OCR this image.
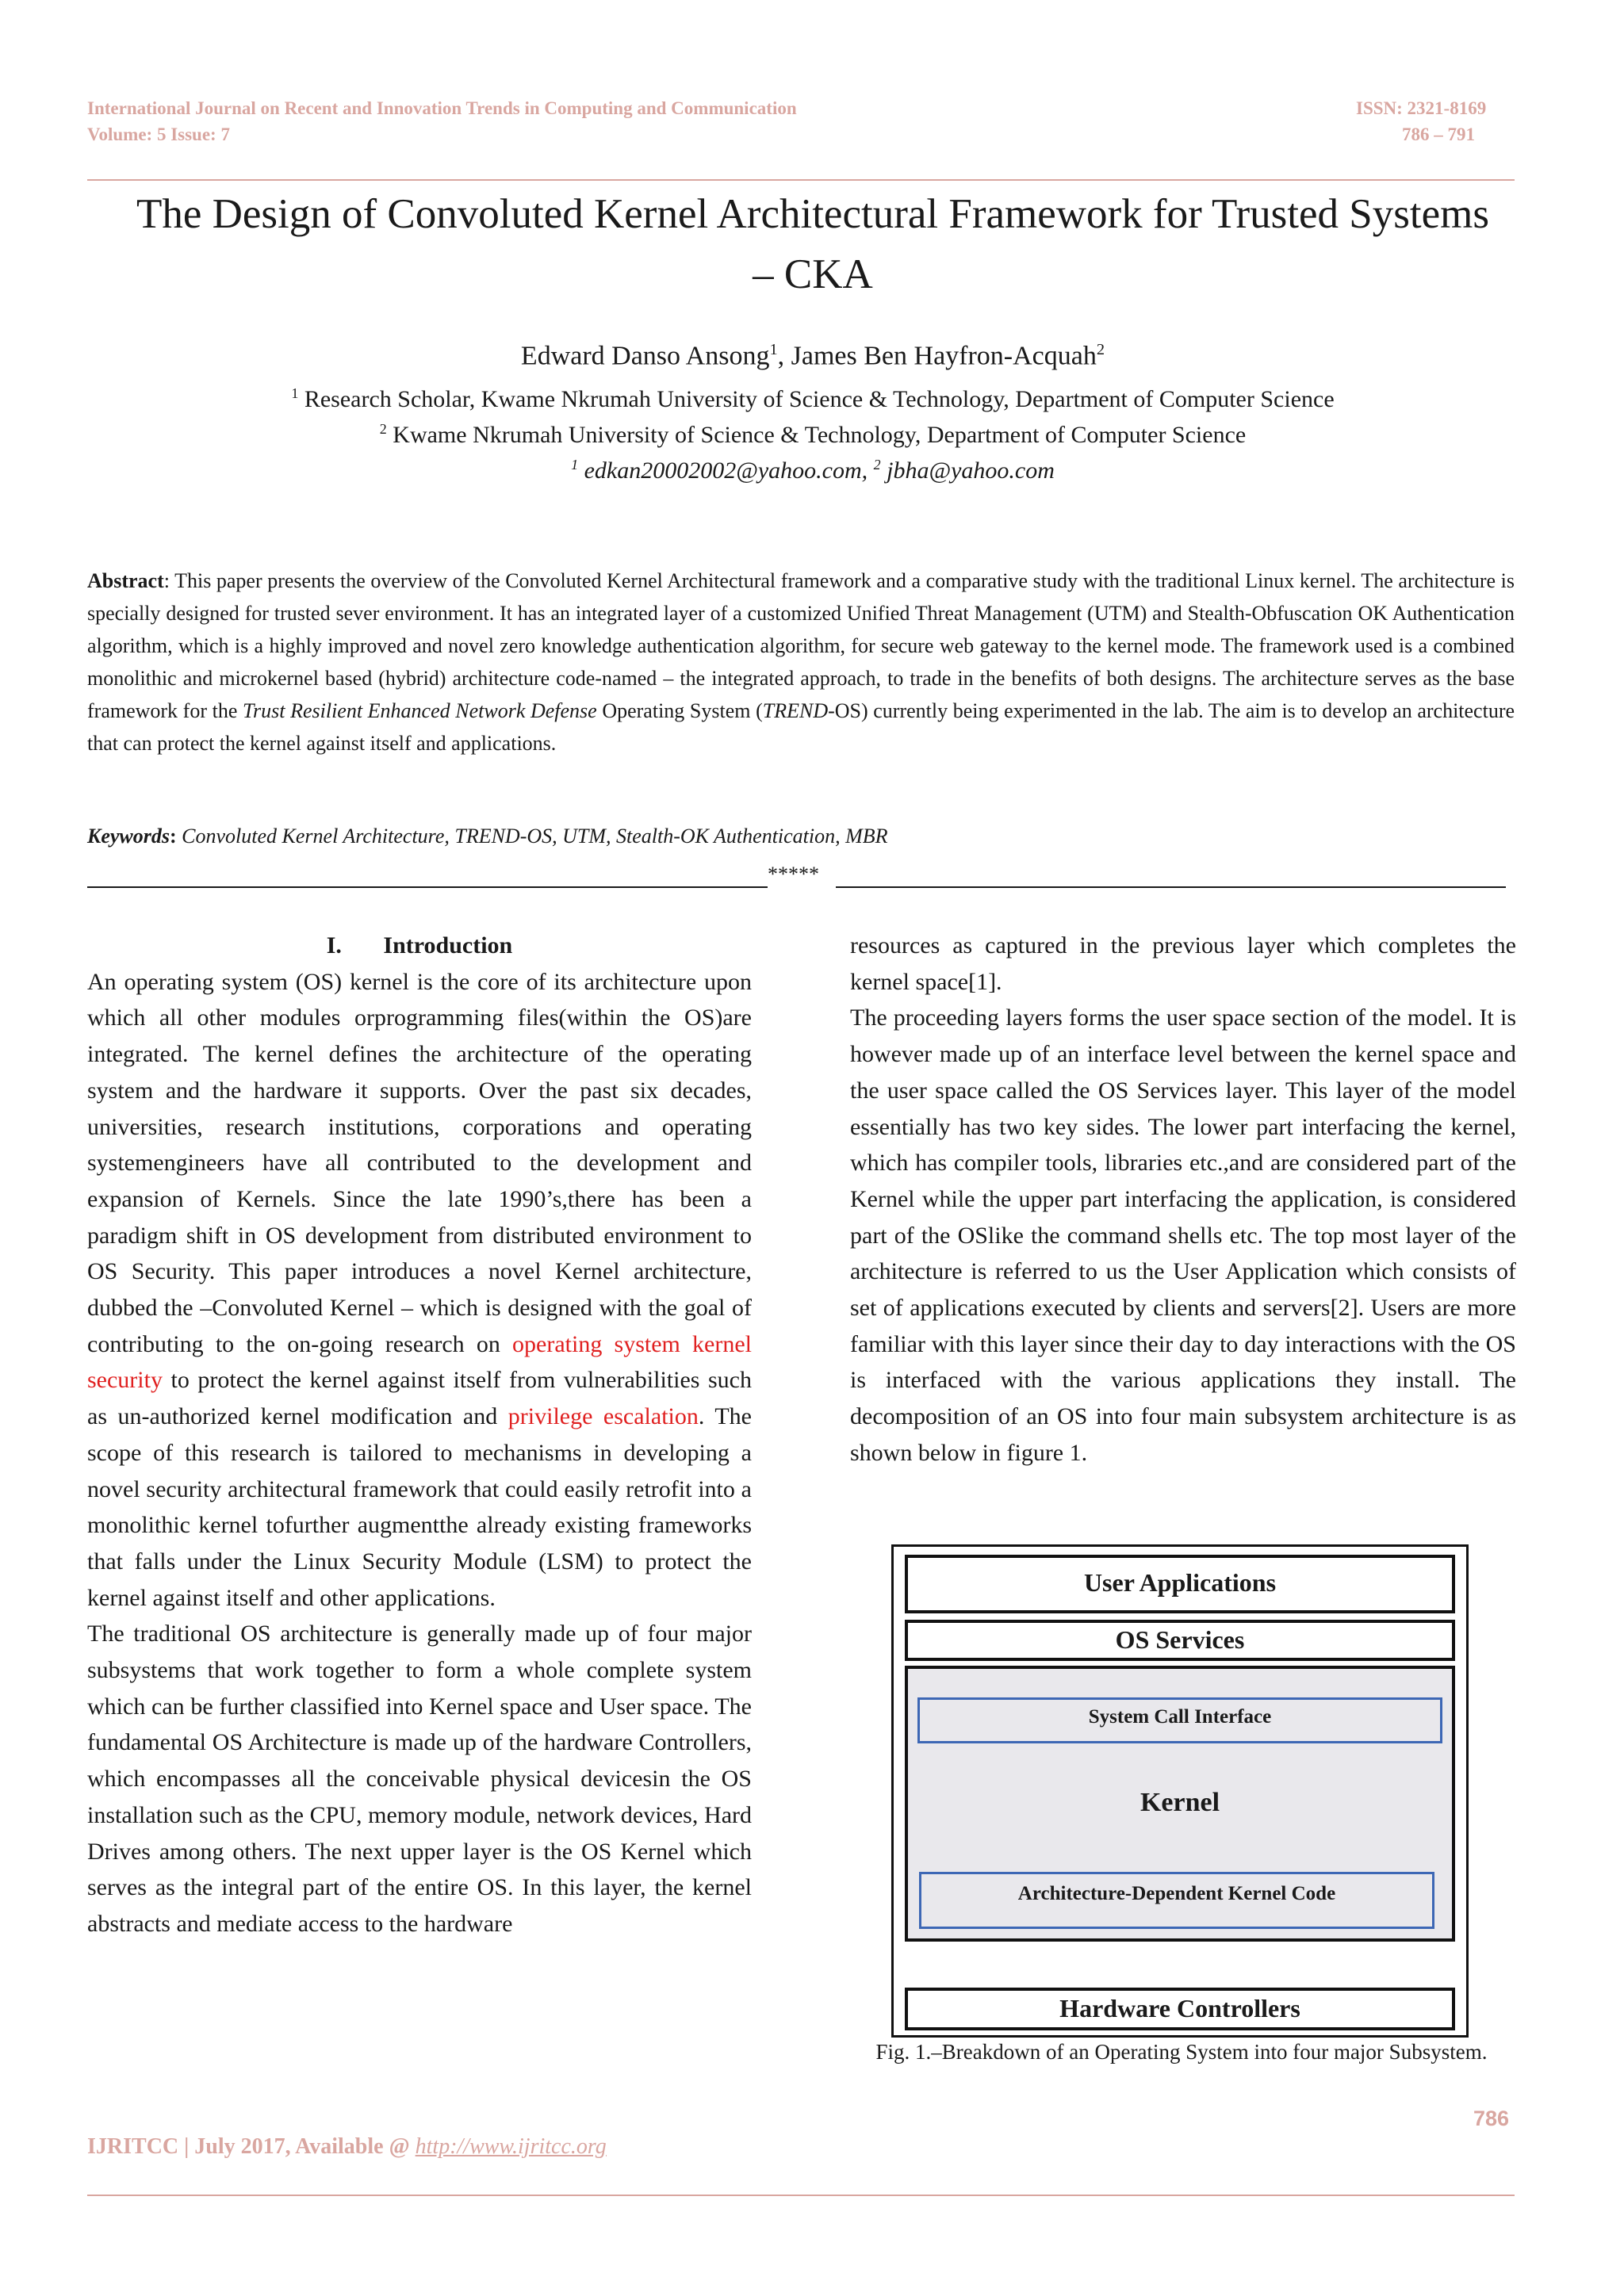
International Journal on Recent and Innovation Trends in Computing and Communication
Volume: 5 Issue: 7
ISSN: 2321-8169
786 – 791
The Design of Convoluted Kernel Architectural Framework for Trusted Systems
– CKA
Edward Danso Ansong$^1$, James Ben Hayfron-Acquah$^2$
$^1$ Research Scholar, Kwame Nkrumah University of Science & Technology, Department of Computer Science
$^2$ Kwame Nkrumah University of Science & Technology, Department of Computer Science
$^1$ edkan20002002@yahoo.com, $^2$ jbha@yahoo.com
Abstract: This paper presents the overview of the Convoluted Kernel Architectural framework and a comparative study with the traditional Linux kernel. The architecture is specially designed for trusted sever environment. It has an integrated layer of a customized Unified Threat Management (UTM) and Stealth-Obfuscation OK Authentication algorithm, which is a highly improved and novel zero knowledge authentication algorithm, for secure web gateway to the kernel mode. The framework used is a combined monolithic and microkernel based (hybrid) architecture code-named – the integrated approach, to trade in the benefits of both designs. The architecture serves as the base framework for the Trust Resilient Enhanced Network Defense Operating System (TREND-OS) currently being experimented in the lab. The aim is to develop an architecture that can protect the kernel against itself and applications.
Keywords: Convoluted Kernel Architecture, TREND-OS, UTM, Stealth-OK Authentication, MBR
*****

I.       Introduction

An operating system (OS) kernel is the core of its architecture upon which all other modules orprogramming files(within the OS)are integrated. The kernel defines the architecture of the operating system and the hardware it supports. Over the past six decades, universities, research institutions, corporations and operating systemengineers have all contributed to the development and expansion of Kernels. Since the late 1990’s,there has been a paradigm shift in OS development from distributed environment to OS Security. This paper introduces a novel Kernel architecture, dubbed the –Convoluted Kernel – which is designed with the goal of contributing to the on-going research on operating system kernel security to protect the kernel against itself from vulnerabilities such as un-authorized kernel modification and privilege escalation. The scope of this research is tailored to mechanisms in developing a novel security architectural framework that could easily retrofit into a monolithic kernel tofurther augmentthe already existing frameworks that falls under the Linux Security Module (LSM) to protect the kernel against itself and other applications.

The traditional OS architecture is generally made up of four major subsystems that work together to form a whole complete system which can be further classified into Kernel space and User space. The fundamental OS Architecture is made up of the hardware Controllers, which encompasses all the conceivable physical devicesin the OS installation such as the CPU, memory module, network devices, Hard Drives among others. The next upper layer is the OS Kernel which serves as the integral part of the entire OS. In this layer, the kernel abstracts and mediate access to the hardware

resources as captured in the previous layer which completes the kernel space[1].

The proceeding layers forms the user space section of the model. It is however made up of an interface level between the kernel space and the user space called the OS Services layer. This layer of the model essentially has two key sides. The lower part interfacing the kernel, which has compiler tools, libraries etc.,and are considered part of the Kernel while the upper part interfacing the application, is considered part of the OSlike the command shells etc. The top most layer of the architecture is referred to us the User Application which consists of set of applications executed by clients and servers[2]. Users are more familiar with this layer since their day to day interactions with the OS is interfaced with the various applications they install. The decomposition of an OS into four main subsystem architecture is as shown below in figure 1.

User Applications
OS Services
System Call Interface
Kernel
Architecture-Dependent Kernel Code
Hardware Controllers
Fig. 1.–Breakdown of an Operating System into four major Subsystem.
786
IJRITCC | July 2017, Available @ http://www.ijritcc.org
